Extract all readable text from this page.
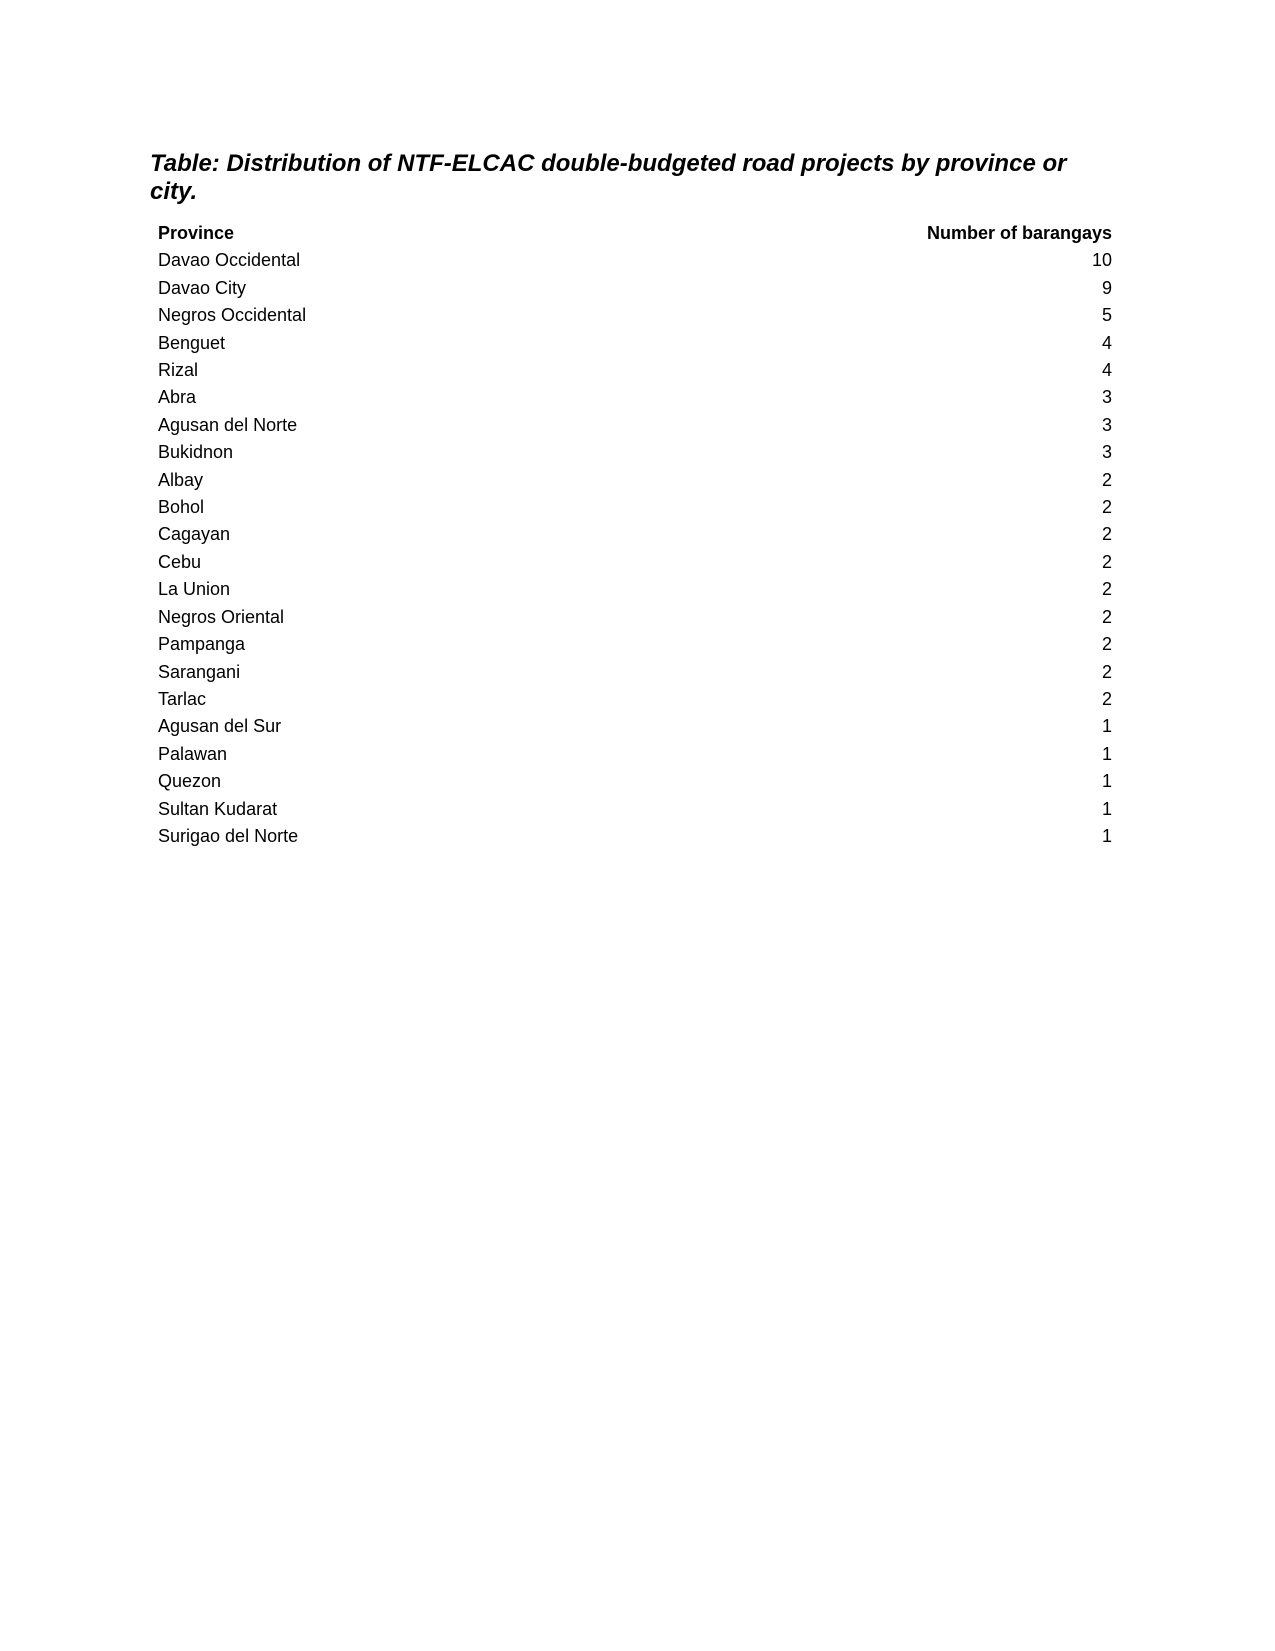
Table: Distribution of NTF-ELCAC double-budgeted road projects by province or city.
Province	Number of barangays
Davao Occidental	10
Davao City	9
Negros Occidental	5
Benguet	4
Rizal	4
Abra	3
Agusan del Norte	3
Bukidnon	3
Albay	2
Bohol	2
Cagayan	2
Cebu	2
La Union	2
Negros Oriental	2
Pampanga	2
Sarangani	2
Tarlac	2
Agusan del Sur	1
Palawan	1
Quezon	1
Sultan Kudarat	1
Surigao del Norte	1
